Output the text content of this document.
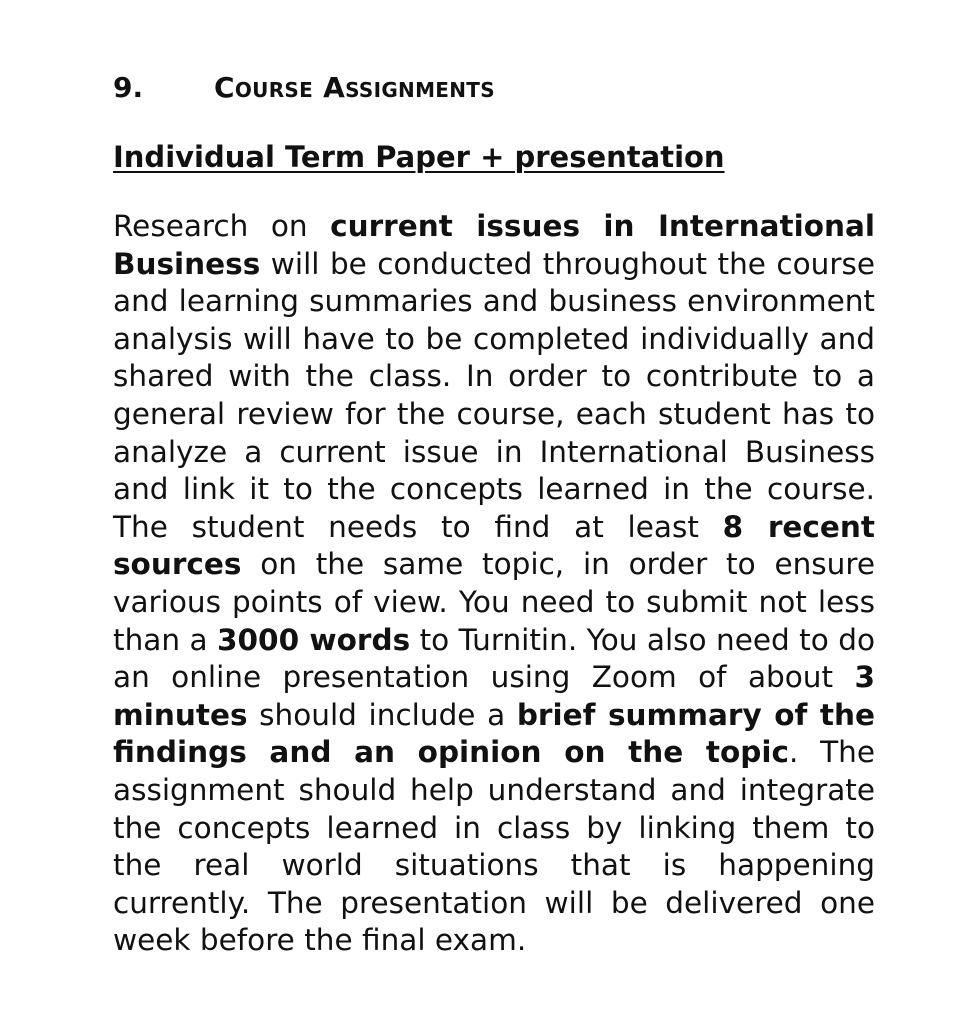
9.	Course Assignments
Individual Term Paper + presentation

Research on current issues in International Business will be conducted throughout the course and learning summaries and business environment analysis will have to be completed individually and shared with the class. In order to contribute to a general review for the course, each student has to analyze a current issue in International Business and link it to the concepts learned in the course. The student needs to find at least 8 recent sources on the same topic, in order to ensure various points of view. You need to submit not less than a 3000 words to Turnitin. You also need to do an online presentation using Zoom of about 3 minutes should include a brief summary of the findings and an opinion on the topic. The assignment should help understand and integrate the concepts learned in class by linking them to the real world situations that is happening currently. The presentation will be delivered one week before the final exam.
